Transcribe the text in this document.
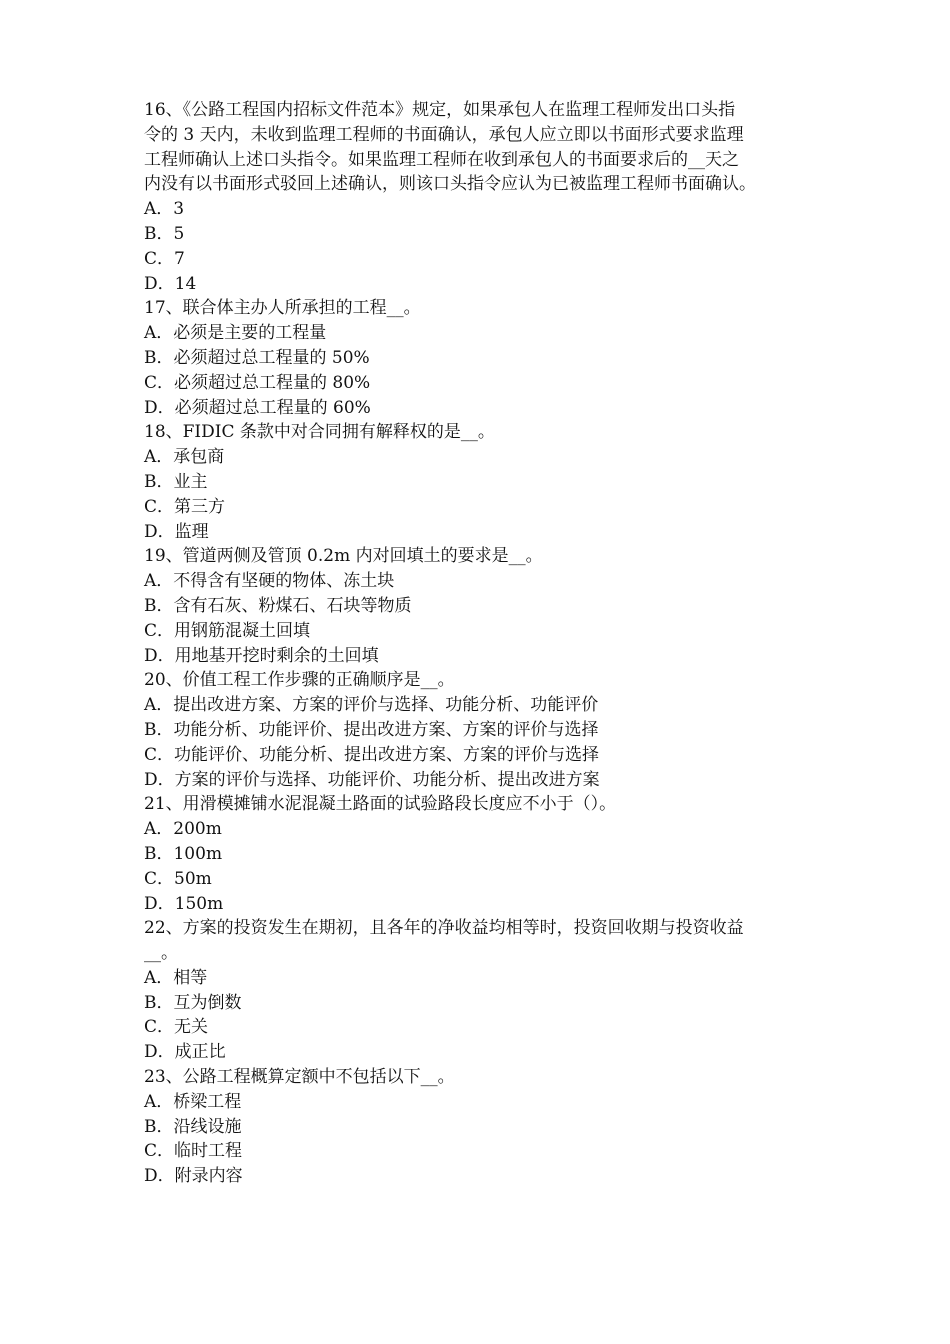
16、《公路工程国内招标文件范本》规定，如果承包人在监理工程师发出口头指
令的 3 天内，未收到监理工程师的书面确认，承包人应立即以书面形式要求监理
工程师确认上述口头指令。如果监理工程师在收到承包人的书面要求后的__天之
内没有以书面形式驳回上述确认，则该口头指令应认为已被监理工程师书面确认。
A．3
B．5
C．7
D．14
17、联合体主办人所承担的工程__。
A．必须是主要的工程量
B．必须超过总工程量的 50%
C．必须超过总工程量的 80%
D．必须超过总工程量的 60%
18、FIDIC 条款中对合同拥有解释权的是__。
A．承包商
B．业主
C．第三方
D．监理
19、管道两侧及管顶 0.2m 内对回填土的要求是__。
A．不得含有坚硬的物体、冻土块
B．含有石灰、粉煤石、石块等物质
C．用钢筋混凝土回填
D．用地基开挖时剩余的土回填
20、价值工程工作步骤的正确顺序是__。
A．提出改进方案、方案的评价与选择、功能分析、功能评价
B．功能分析、功能评价、提出改进方案、方案的评价与选择
C．功能评价、功能分析、提出改进方案、方案的评价与选择
D．方案的评价与选择、功能评价、功能分析、提出改进方案
21、用滑模摊铺水泥混凝土路面的试验路段长度应不小于（）。
A．200m
B．100m
C．50m
D．150m
22、方案的投资发生在期初，且各年的净收益均相等时，投资回收期与投资收益
__。
A．相等
B．互为倒数
C．无关
D．成正比
23、公路工程概算定额中不包括以下__。
A．桥梁工程
B．沿线设施
C．临时工程
D．附录内容
